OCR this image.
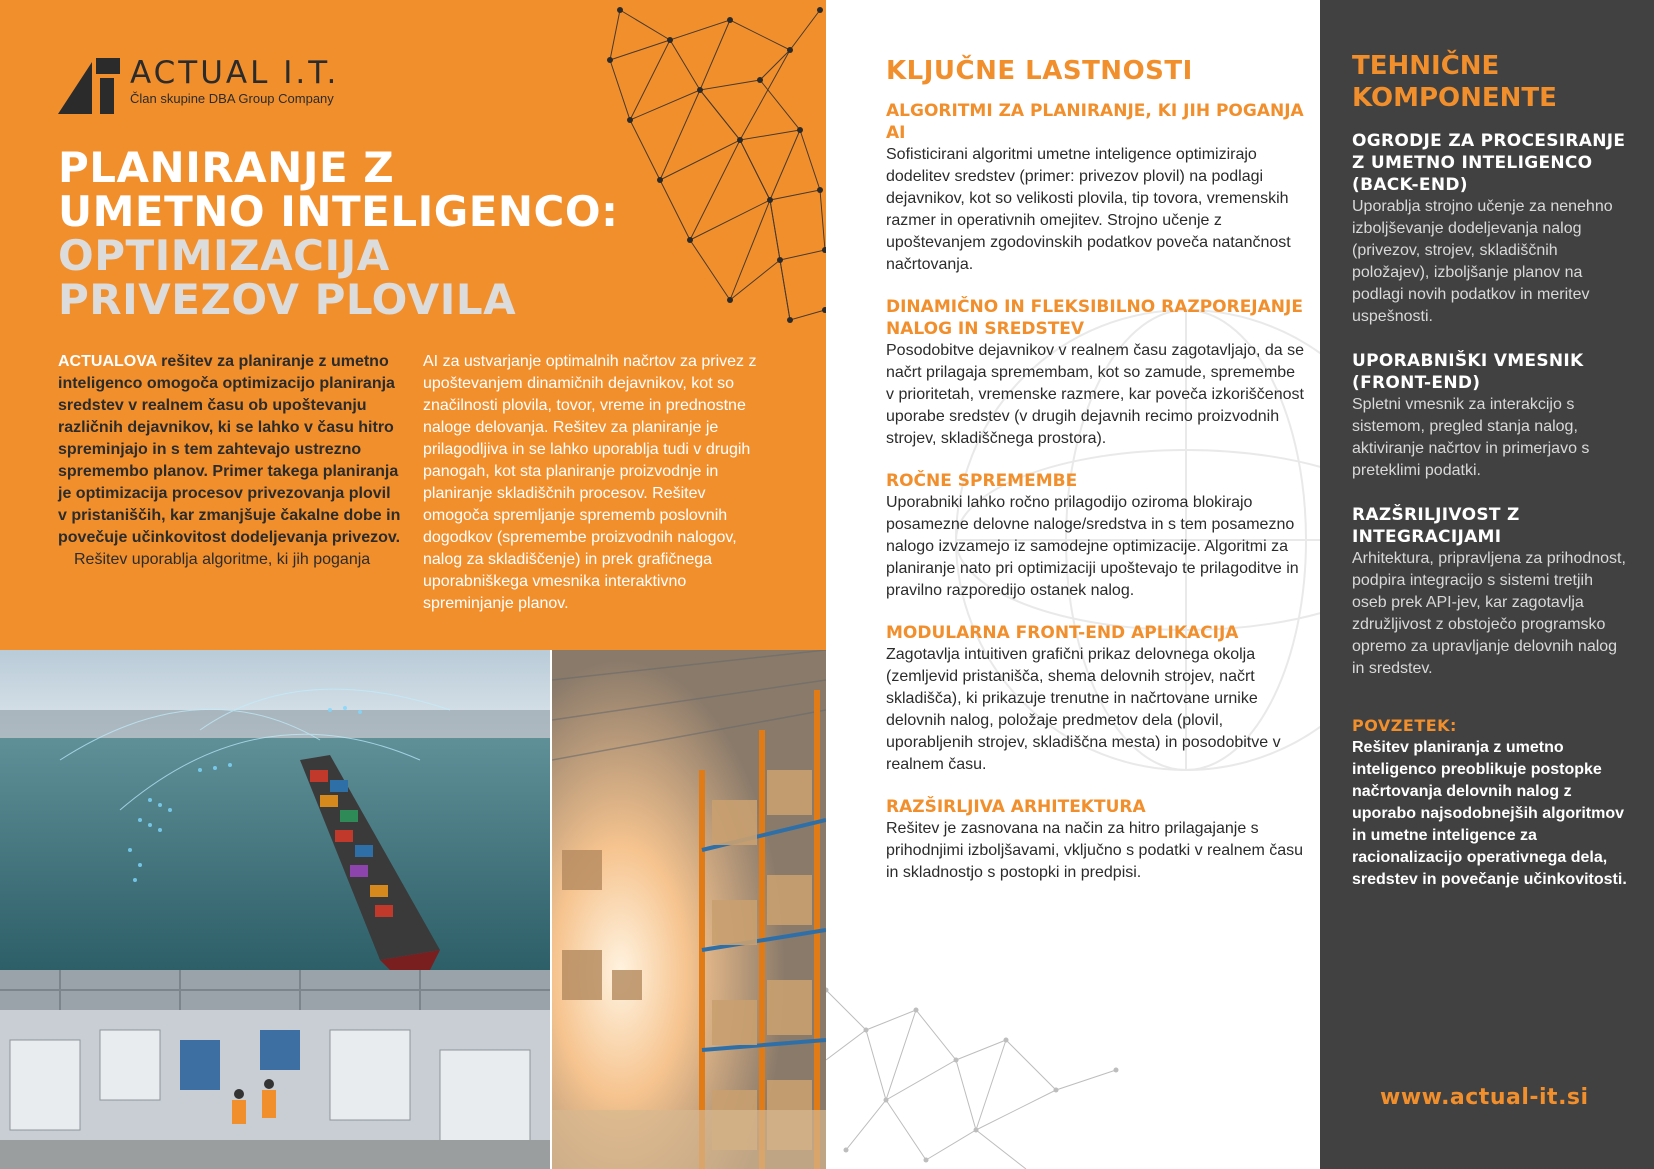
ACTUAL I.T.
Član skupine DBA Group Company
PLANIRANJE Z
UMETNO INTELIGENCO:
OPTIMIZACIJA
PRIVEZOV PLOVILA
ACTUALOVA rešitev za planiranje z umetno inteligenco omogoča optimizacijo planiranja sredstev v realnem času ob upoštevanju različnih dejavnikov, ki se lahko v času hitro spreminjajo in s tem zahtevajo ustrezno spremembo planov. Primer takega planiranja je optimizacija procesov privezovanja plovil v pristaniščih, kar zmanjšuje čakalne dobe in povečuje učinkovitost dodeljevanja privezov.
Rešitev uporablja algoritme, ki jih poganja
AI za ustvarjanje optimalnih načrtov za privez z upoštevanjem dinamičnih dejavnikov, kot so značilnosti plovila, tovor, vreme in prednostne naloge delovanja. Rešitev za planiranje je prilagodljiva in se lahko uporablja tudi v drugih panogah, kot sta planiranje proizvodnje in planiranje skladiščnih procesov. Rešitev omogoča spremljanje sprememb poslovnih dogodkov (spremembe proizvodnih nalogov, nalog za skladiščenje) in prek grafičnega uporabniškega vmesnika interaktivno spreminjanje planov.
KLJUČNE LASTNOSTI
ALGORITMI ZA PLANIRANJE, KI JIH POGANJA AI

Sofisticirani algoritmi umetne inteligence optimizirajo dodelitev sredstev (primer: privezov plovil) na podlagi dejavnikov, kot so velikosti plovila, tip tovora, vremenskih razmer in operativnih omejitev. Strojno učenje z upoštevanjem zgodovinskih podatkov poveča natančnost načrtovanja.

DINAMIČNO IN FLEKSIBILNO RAZPOREJANJE NALOG IN SREDSTEV

Posodobitve dejavnikov v realnem času zagotavljajo, da se načrt prilagaja spremembam, kot so zamude, spremembe v prioritetah, vremenske razmere, kar poveča izkoriščenost uporabe sredstev (v drugih dejavnih recimo proizvodnih strojev, skladiščnega prostora).

ROČNE SPREMEMBE

Uporabniki lahko ročno prilagodijo oziroma blokirajo posamezne delovne naloge/sredstva in s tem posamezno nalogo izvzamejo iz samodejne optimizacije. Algoritmi za planiranje nato pri optimizaciji upoštevajo te prilagoditve in pravilno razporedijo ostanek nalog.

MODULARNA FRONT-END APLIKACIJA

Zagotavlja intuitiven grafični prikaz delovnega okolja (zemljevid pristanišča, shema delovnih strojev, načrt skladišča), ki prikazuje trenutne in načrtovane urnike delovnih nalog, položaje predmetov dela (plovil, uporabljenih strojev, skladiščna mesta) in posodobitve v realnem času.

RAZŠIRLJIVA ARHITEKTURA

Rešitev je zasnovana na način za hitro prilagajanje s prihodnjimi izboljšavami, vključno s podatki v realnem času in skladnostjo s postopki in predpisi.

TEHNIČNE KOMPONENTE
OGRODJE ZA PROCESIRANJE Z UMETNO INTELIGENCO (BACK-END)

Uporablja strojno učenje za nenehno izboljševanje dodeljevanja nalog (privezov, strojev, skladiščnih položajev), izboljšanje planov na podlagi novih podatkov in meritev uspešnosti.

UPORABNIŠKI VMESNIK (FRONT-END)

Spletni vmesnik za interakcijo s sistemom, pregled stanja nalog, aktiviranje načrtov in primerjavo s preteklimi podatki.

RAZŠRILJIVOST Z INTEGRACIJAMI

Arhitektura, pripravljena za prihodnost, podpira integracijo s sistemi tretjih oseb prek API-jev, kar zagotavlja združljivost z obstoječo programsko opremo za upravljanje delovnih nalog in sredstev.

POVZETEK:

Rešitev planiranja z umetno inteligenco preoblikuje postopke načrtovanja delovnih nalog z uporabo najsodobnejših algoritmov in umetne inteligence za racionalizacijo operativnega dela, sredstev in povečanje učinkovitosti.

www.actual-it.si
